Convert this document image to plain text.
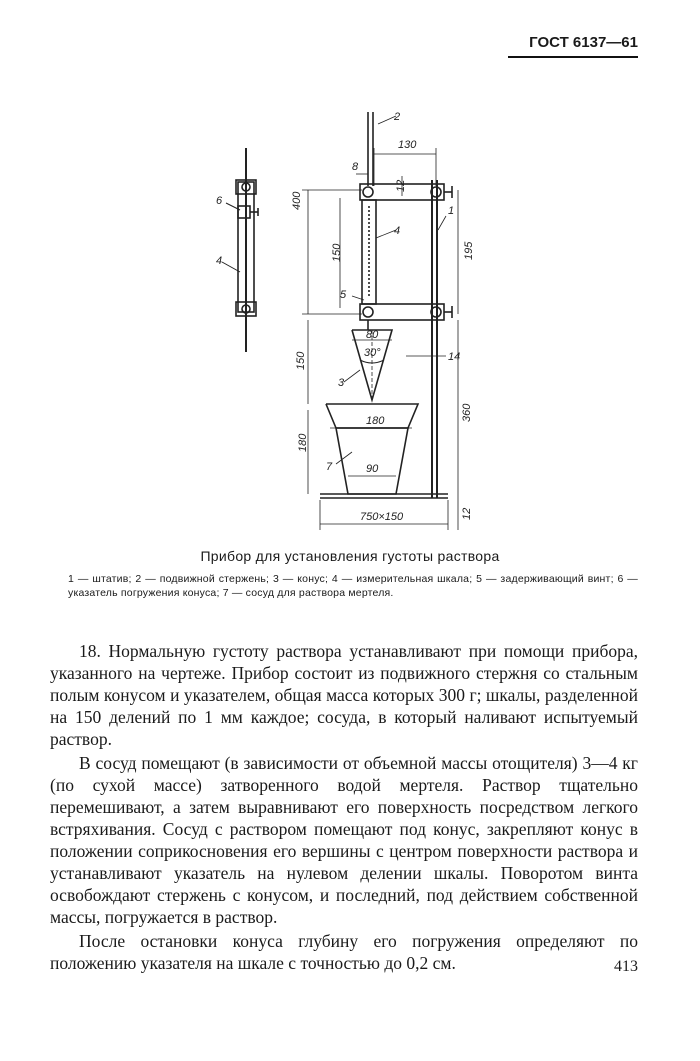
ГОСТ 6137—61
130
12
400
150	195
80
30°
150	14
360
180
180
90
750×150	12
1
2
3
4
4
5
6
7
8
Прибор для установления густоты раствора
1 — штатив; 2 — подвижной стержень; 3 — конус; 4 — измерительная шкала; 5 — задерживающий винт; 6 — указатель погружения конуса; 7 — сосуд для раствора мертеля.

18. Нормальную густоту раствора устанавливают при помощи прибора, указанного на чертеже. Прибор состоит из подвижного стержня со стальным полым конусом и указателем, общая масса которых 300 г; шкалы, разделенной на 150 делений по 1 мм каждое; сосуда, в который наливают испытуемый раствор.

В сосуд помещают (в зависимости от объемной массы отощителя) 3—4 кг (по сухой массе) затворенного водой мертеля. Раствор тщательно перемешивают, а затем выравнивают его поверхность посредством легкого встряхивания. Сосуд с раствором помещают под конус, закрепляют конус в положении соприкосновения его вершины с центром поверхности раствора и устанавливают указатель на нулевом делении шкалы. Поворотом винта освобождают стержень с конусом, и последний, под действием собственной массы, погружается в раствор.

После остановки конуса глубину его погружения определяют по положению указателя на шкале с точностью до 0,2 см.	413
